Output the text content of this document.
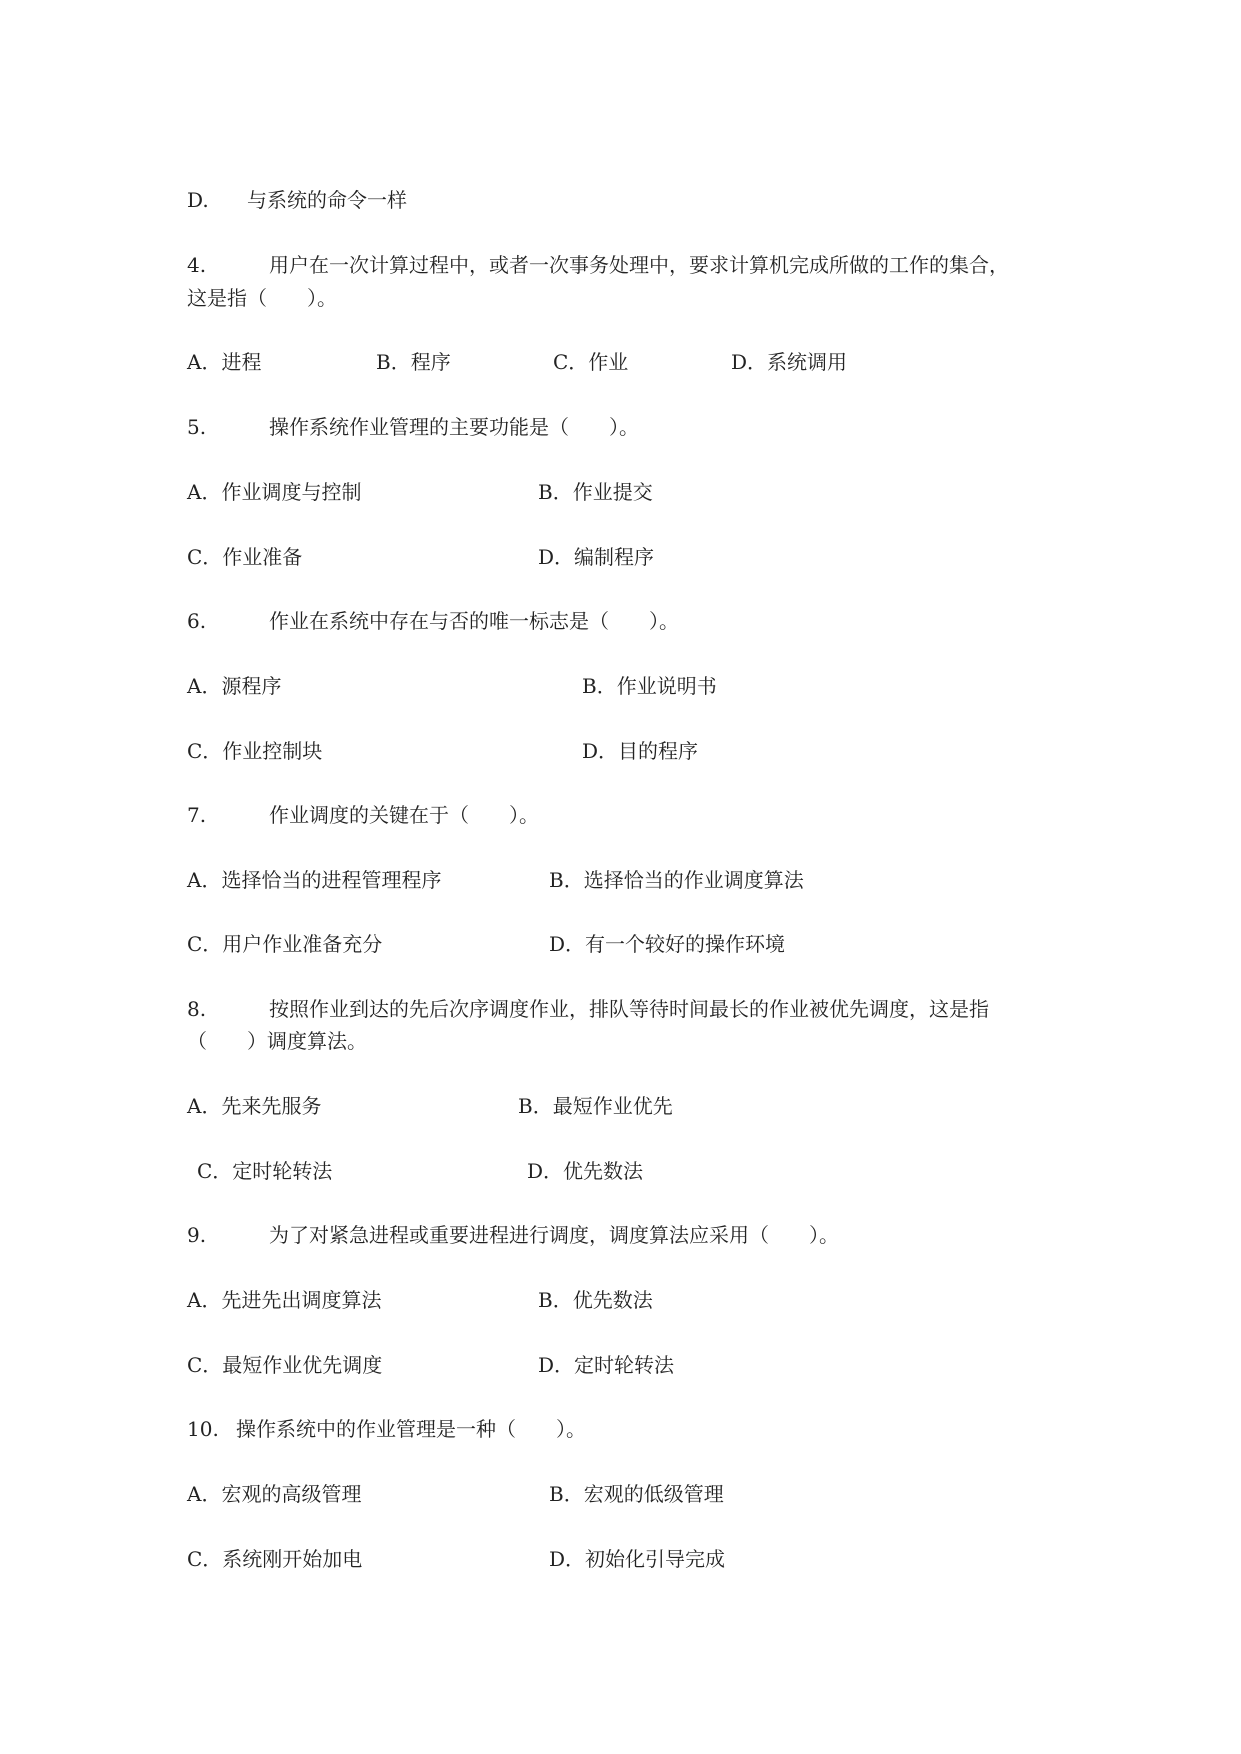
D. 与系统的命令一样
4.	用户在一次计算过程中，或者一次事务处理中，要求计算机完成所做的工作的集合，
这是指（　　）。
A．进程	B．程序	C．作业	D．系统调用
5.	操作系统作业管理的主要功能是（　　）。
A．作业调度与控制	B．作业提交
C．作业准备	D．编制程序
6.	作业在系统中存在与否的唯一标志是（　　）。
A．源程序	B．作业说明书
C．作业控制块	D．目的程序
7.	作业调度的关键在于（　　）。
A．选择恰当的进程管理程序	B．选择恰当的作业调度算法
C．用户作业准备充分	D．有一个较好的操作环境
8.	按照作业到达的先后次序调度作业，排队等待时间最长的作业被优先调度，这是指
（　　）调度算法。
A．先来先服务	B．最短作业优先
C．定时轮转法	D．优先数法
9.	为了对紧急进程或重要进程进行调度，调度算法应采用（　　）。
A．先进先出调度算法	B．优先数法
C．最短作业优先调度	D．定时轮转法
10. 操作系统中的作业管理是一种（　　）。
A．宏观的高级管理	B．宏观的低级管理
C．系统刚开始加电	D．初始化引导完成
